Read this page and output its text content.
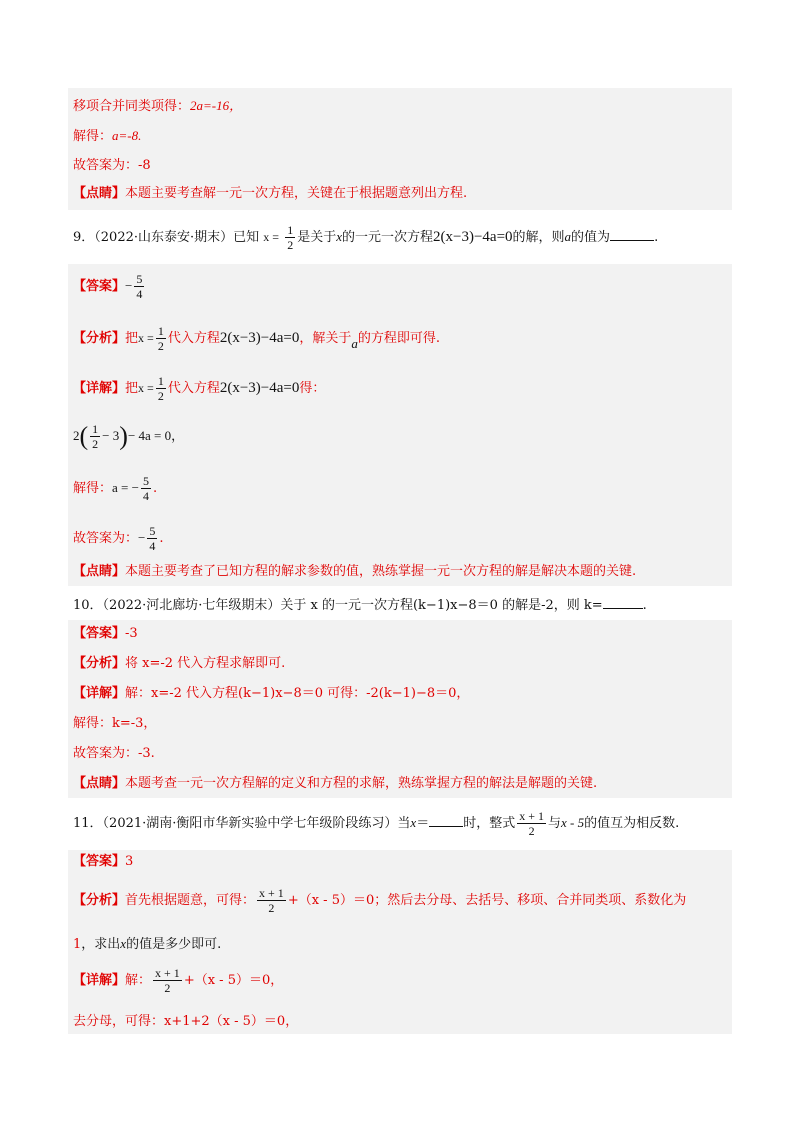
移项合并同类项得：2a=-16，
解得：a=-8.
故答案为：-8
【点睛】本题主要考查解一元一次方程，关键在于根据题意列出方程.
9．（2022·山东泰安·期末）已知 $x = \frac{1}{2}$ 是关于x的一元一次方程2(x−3)−4a=0的解，则a的值为	.
【答案】− $\frac{5}{4}$
【分析】把$x = \frac{1}{2}$ 代入方程2(x−3)−4a=0，解关于a的方程即可得.
【详解】把$x = \frac{1}{2}$ 代入方程2(x−3)−4a=0得：
$2( \frac{1}{2} - 3)- 4a = 0$，
解得：a = − $\frac{5}{4}$ .
故答案为：− $\frac{5}{4}$ .
【点睛】本题主要考查了已知方程的解求参数的值，熟练掌握一元一次方程的解是解决本题的关键.
10．（2022·河北廊坊·七年级期末）关于 x 的一元一次方程(k−1)x−8＝0 的解是-2，则 k=	.
【答案】-3
【分析】将 x=-2 代入方程求解即可.
【详解】解：x=-2 代入方程(k−1)x−8＝0 可得：-2(k−1)−8＝0，
解得：k=-3，
故答案为：-3.
【点睛】本题考查一元一次方程解的定义和方程的求解，熟练掌握方程的解法是解题的关键.
11．（2021·湖南·衡阳市华新实验中学七年级阶段练习）当x＝	时，整式 $\frac{x + 1}{2}$ 与x - 5的值互为相反数.
【答案】3
【分析】首先根据题意，可得： $\frac{x + 1}{2} +(x - 5)=0$；然后去分母、去括号、移项、合并同类项、系数化为
1，求出x的值是多少即可.
【详解】解： $\frac{x + 1}{2} +(x - 5)=0$，
去分母，可得：x+1+2（x - 5）＝0，
